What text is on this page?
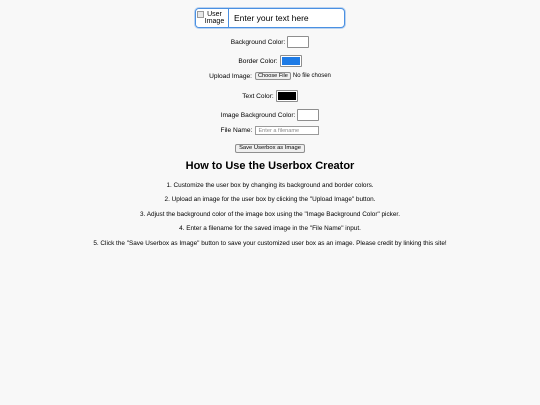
User Image	Enter your text here
Background Color:
Border Color:
Upload Image:	Choose File No file chosen
Text Color:
Image Background Color:
File Name:	Enter a filename
Save Userbox as Image
How to Use the Userbox Creator
1. Customize the user box by changing its background and border colors.
2. Upload an image for the user box by clicking the "Upload Image" button.
3. Adjust the background color of the image box using the "Image Background Color" picker.
4. Enter a filename for the saved image in the "File Name" input.
5. Click the "Save Userbox as Image" button to save your customized user box as an image. Please credit by linking this site!
